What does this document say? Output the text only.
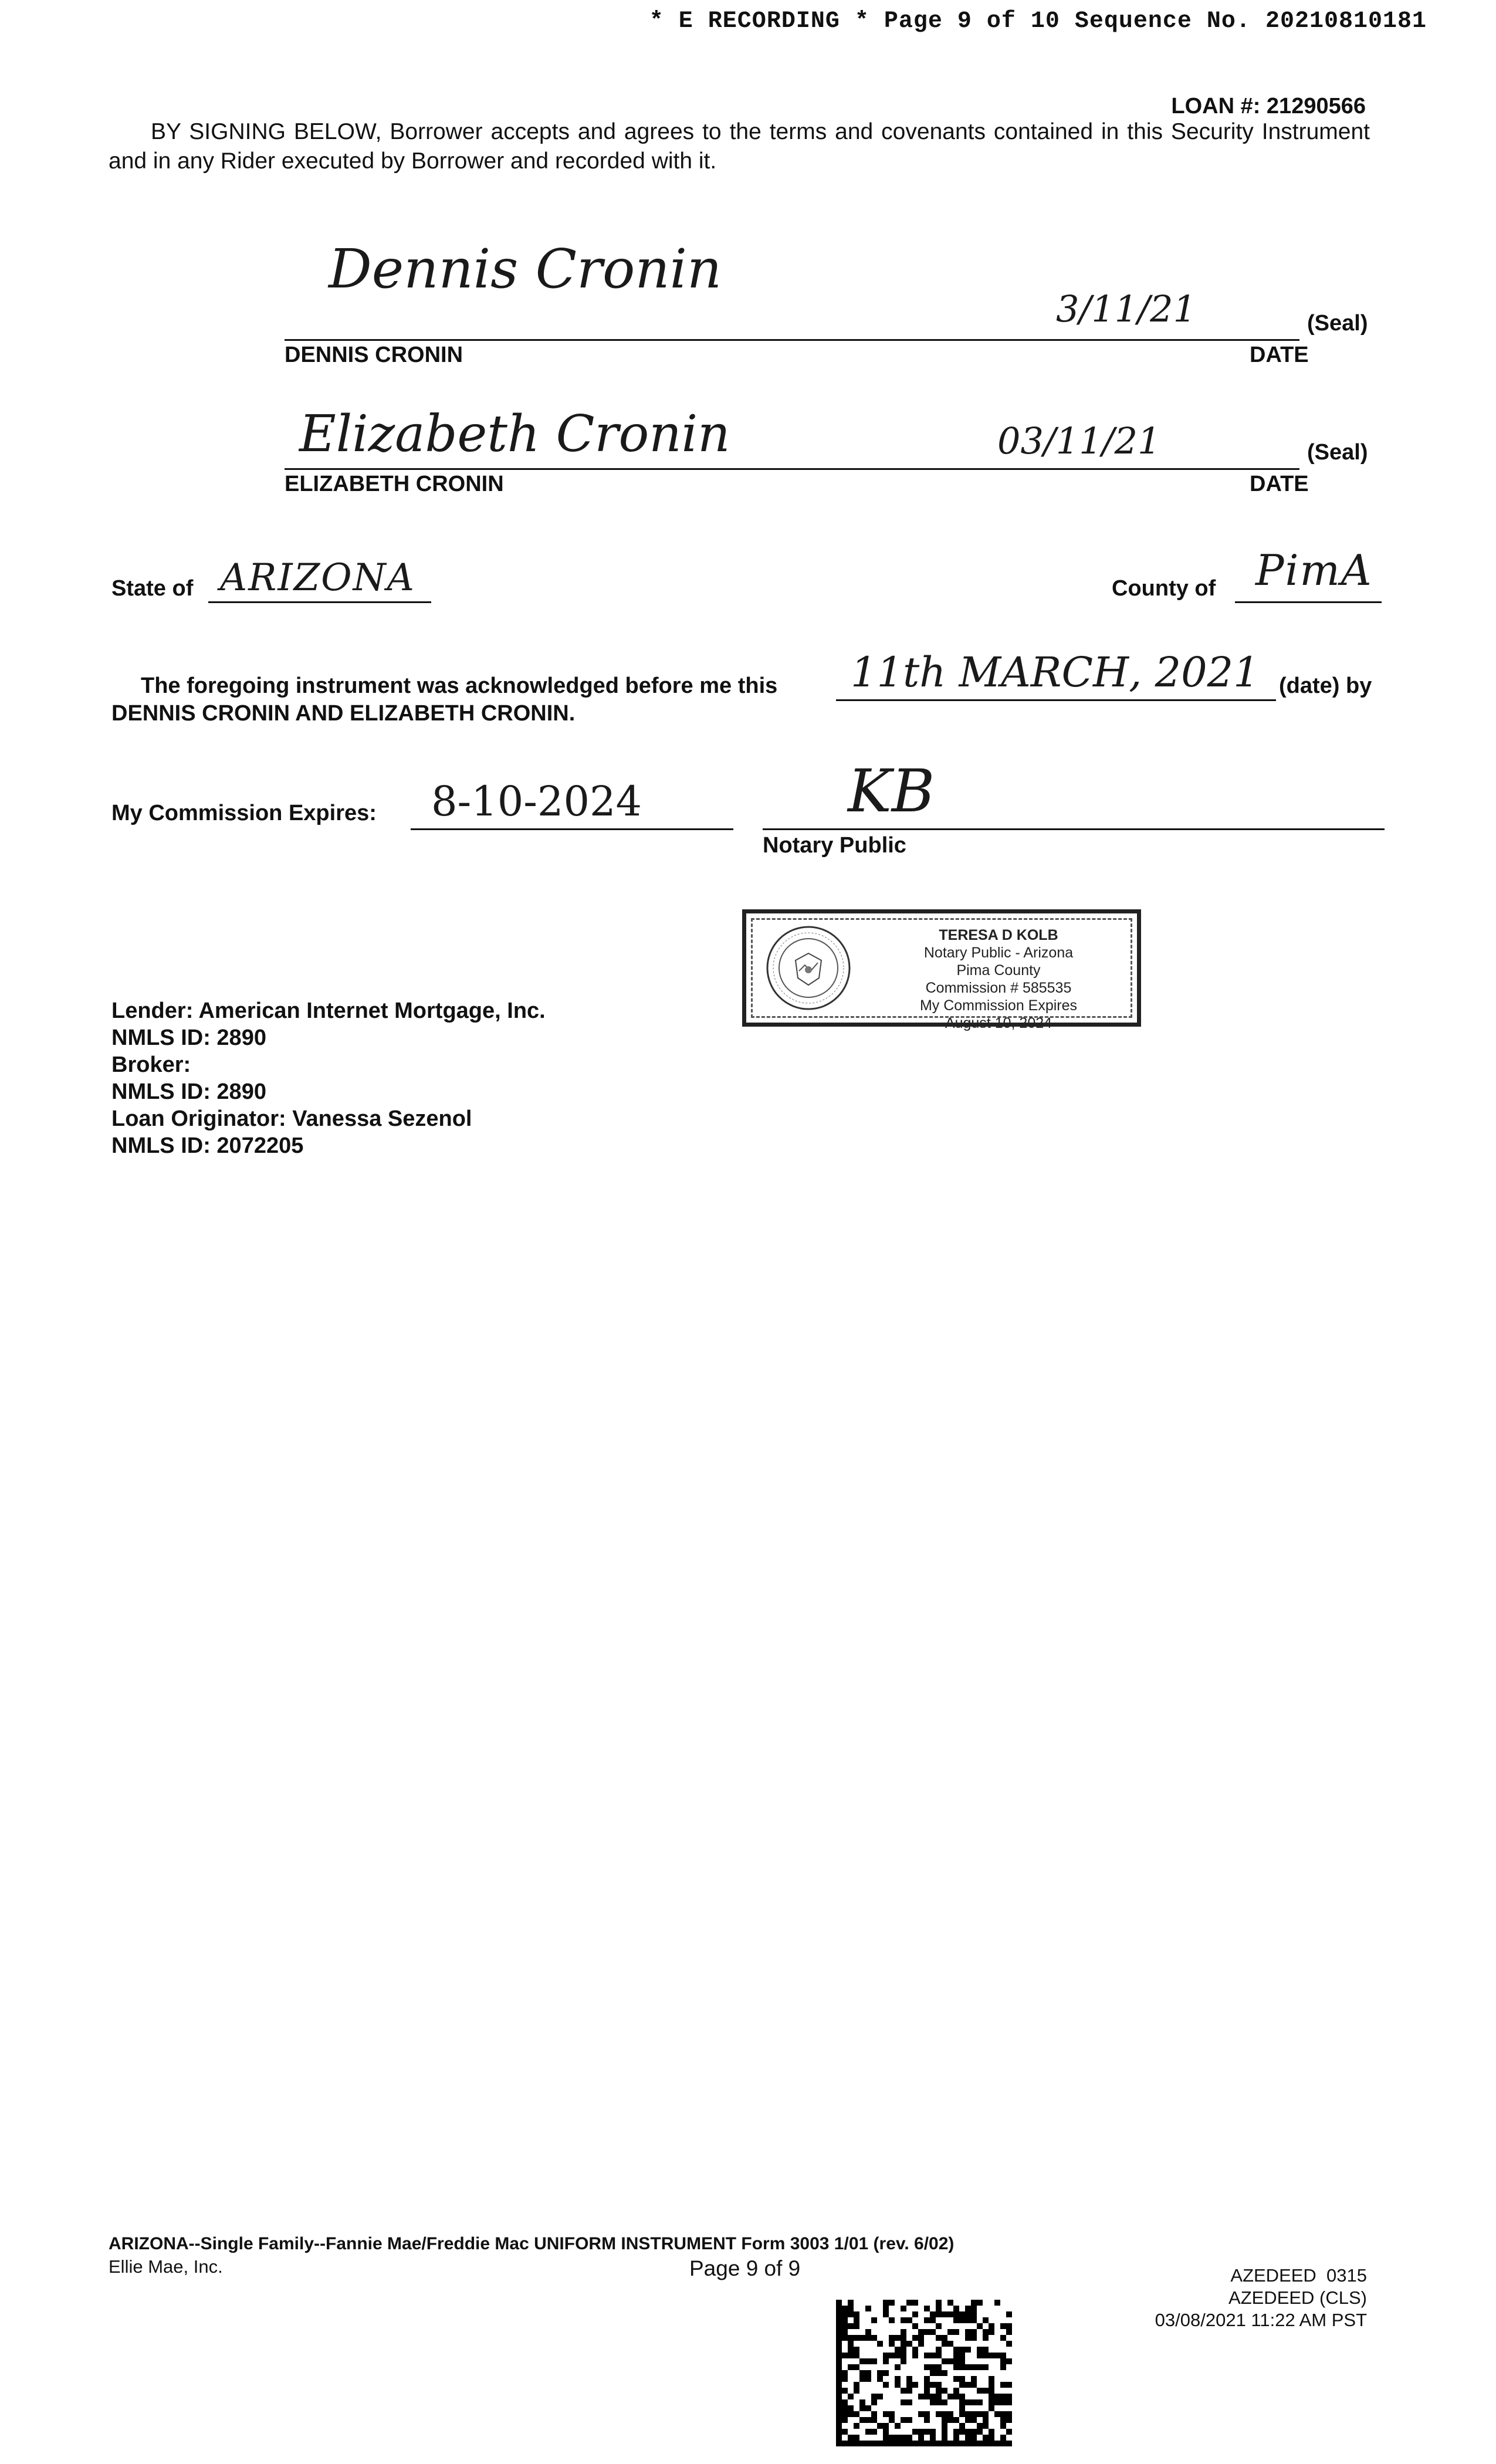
* E RECORDING * Page 9 of 10 Sequence No. 20210810181
LOAN #: 21290566
BY SIGNING BELOW, Borrower accepts and agrees to the terms and covenants contained in this Security Instrument and in any Rider executed by Borrower and recorded with it.
Dennis Cronin
3/11/21	(Seal)
DENNIS CRONIN	DATE
Elizabeth Cronin	03/11/21	(Seal)
ELIZABETH CRONIN	DATE
State of ARIZONA	County of PimA
The foregoing instrument was acknowledged before me this 11th MARCH, 2021 (date) by
DENNIS CRONIN AND ELIZABETH CRONIN.
My Commission Expires: 8-10-2024	KB
Notary Public
TERESA D KOLB
Notary Public - Arizona
Pima County
Commission # 585535
My Commission Expires
August 10, 2024
Lender: American Internet Mortgage, Inc.
NMLS ID: 2890
Broker:
NMLS ID: 2890
Loan Originator: Vanessa Sezenol
NMLS ID: 2072205
ARIZONA--Single Family--Fannie Mae/Freddie Mac UNIFORM INSTRUMENT Form 3003 1/01 (rev. 6/02)
Ellie Mae, Inc.	Page 9 of 9	AZEDEED  0315
AZEDEED (CLS)
03/08/2021 11:22 AM PST
